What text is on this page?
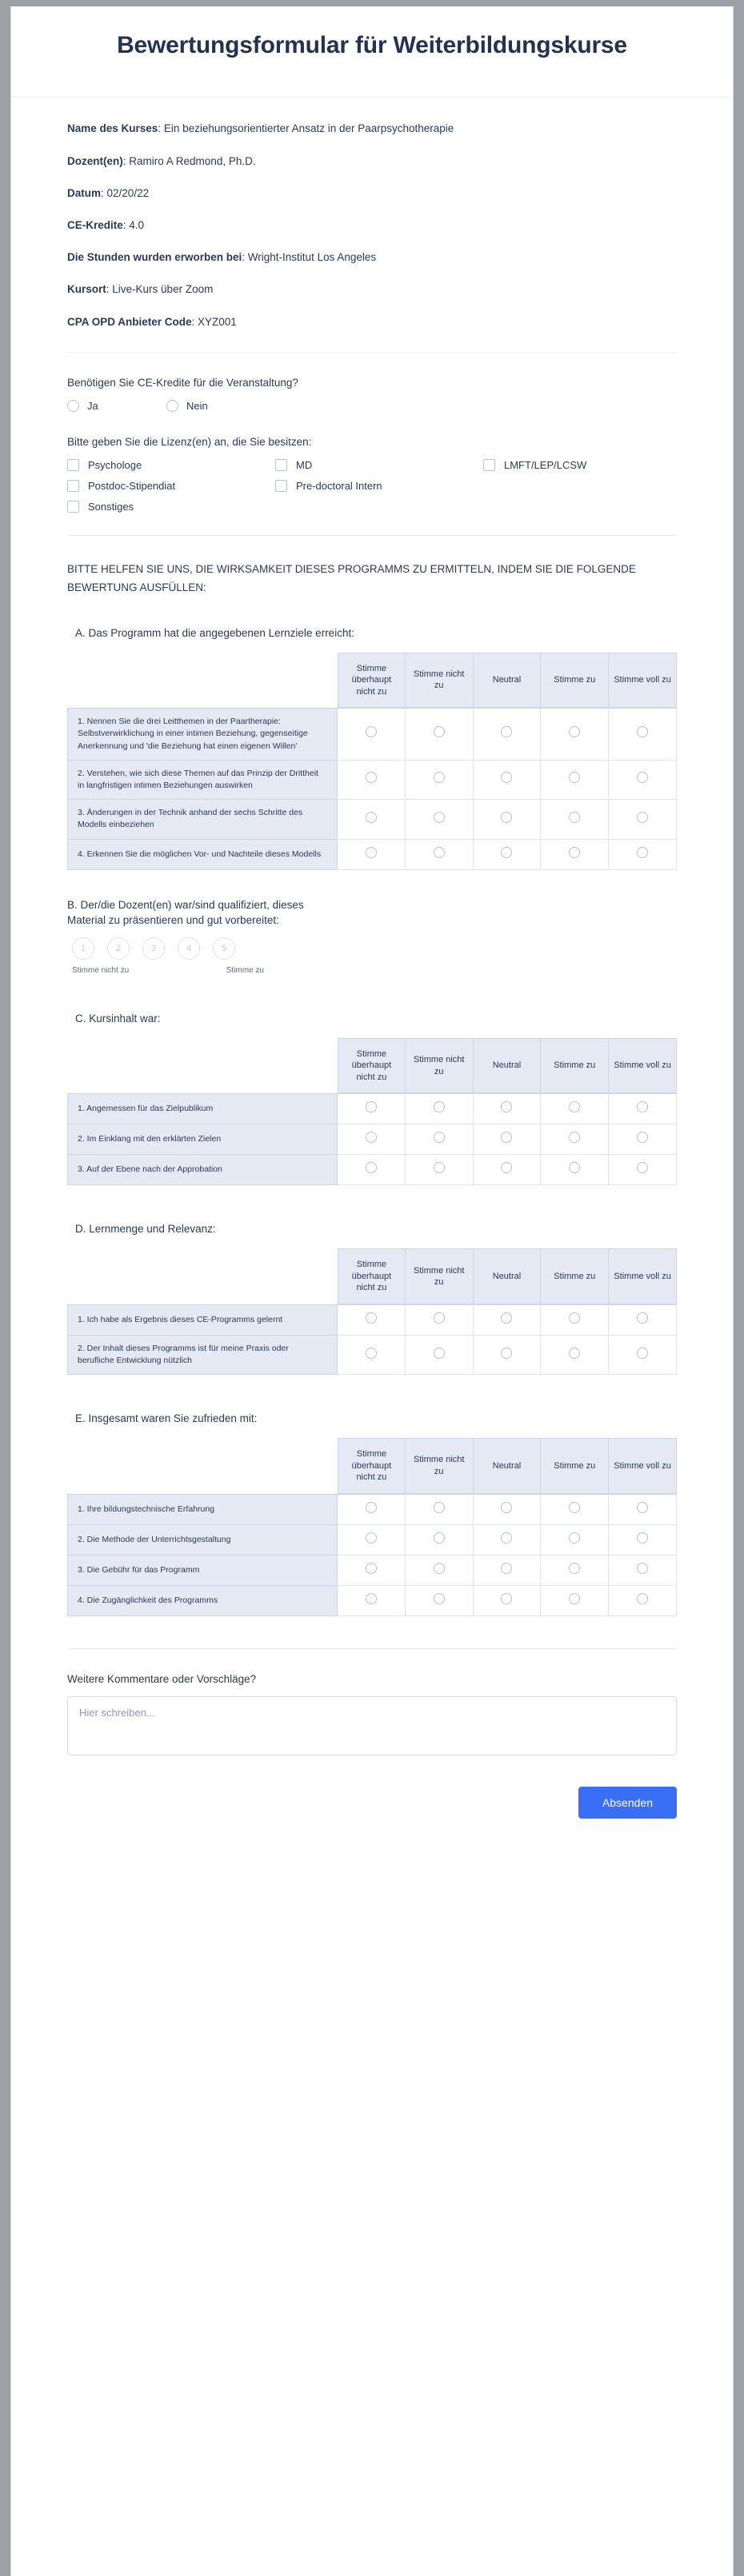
Bewertungsformular für Weiterbildungskurse
Name des Kurses: Ein beziehungsorientierter Ansatz in der Paarpsychotherapie
Dozent(en): Ramiro A Redmond, Ph.D.
Datum: 02/20/22
CE-Kredite: 4.0
Die Stunden wurden erworben bei: Wright-Institut Los Angeles
Kursort: Live-Kurs über Zoom
CPA OPD Anbieter Code: XYZ001
Benötigen Sie CE-Kredite für die Veranstaltung?
Ja	Nein
Bitte geben Sie die Lizenz(en) an, die Sie besitzen:
Psychologe	MD	LMFT/LEP/LCSW
Postdoc-Stipendiat	Pre-doctoral Intern
Sonstiges
BITTE HELFEN SIE UNS, DIE WIRKSAMKEIT DIESES PROGRAMMS ZU ERMITTELN, INDEM SIE DIE FOLGENDE BEWERTUNG AUSFÜLLEN:
A. Das Programm hat die angegebenen Lernziele erreicht:
	Stimme überhaupt nicht zu	Stimme nicht zu	Neutral	Stimme zu	Stimme voll zu
1. Nennen Sie die drei Leitthemen in der Paartherapie: Selbstverwirklichung in einer intimen Beziehung, gegenseitige Anerkennung und 'die Beziehung hat einen eigenen Willen'					
2. Verstehen, wie sich diese Themen auf das Prinzip der Drittheit in langfristigen intimen Beziehungen auswirken					
3. Änderungen in der Technik anhand der sechs Schritte des Modells einbeziehen					
4. Erkennen Sie die möglichen Vor- und Nachteile dieses Modells					
B. Der/die Dozent(en) war/sind qualifiziert, dieses Material zu präsentieren und gut vorbereitet:
1	2	3	4	5
Stimme nicht zu	Stimme zu
C. Kursinhalt war:
	Stimme überhaupt nicht zu	Stimme nicht zu	Neutral	Stimme zu	Stimme voll zu
1. Angemessen für das Zielpublikum					
2. Im Einklang mit den erklärten Zielen					
3. Auf der Ebene nach der Approbation					
D. Lernmenge und Relevanz:
	Stimme überhaupt nicht zu	Stimme nicht zu	Neutral	Stimme zu	Stimme voll zu
1. Ich habe als Ergebnis dieses CE-Programms gelernt					
2. Der Inhalt dieses Programms ist für meine Praxis oder berufliche Entwicklung nützlich					
E. Insgesamt waren Sie zufrieden mit:
	Stimme überhaupt nicht zu	Stimme nicht zu	Neutral	Stimme zu	Stimme voll zu
1. Ihre bildungstechnische Erfahrung					
2. Die Methode der Unterrichtsgestaltung					
3. Die Gebühr für das Programm					
4. Die Zugänglichkeit des Programms					
Weitere Kommentare oder Vorschläge?
Hier schreiben...
Absenden
